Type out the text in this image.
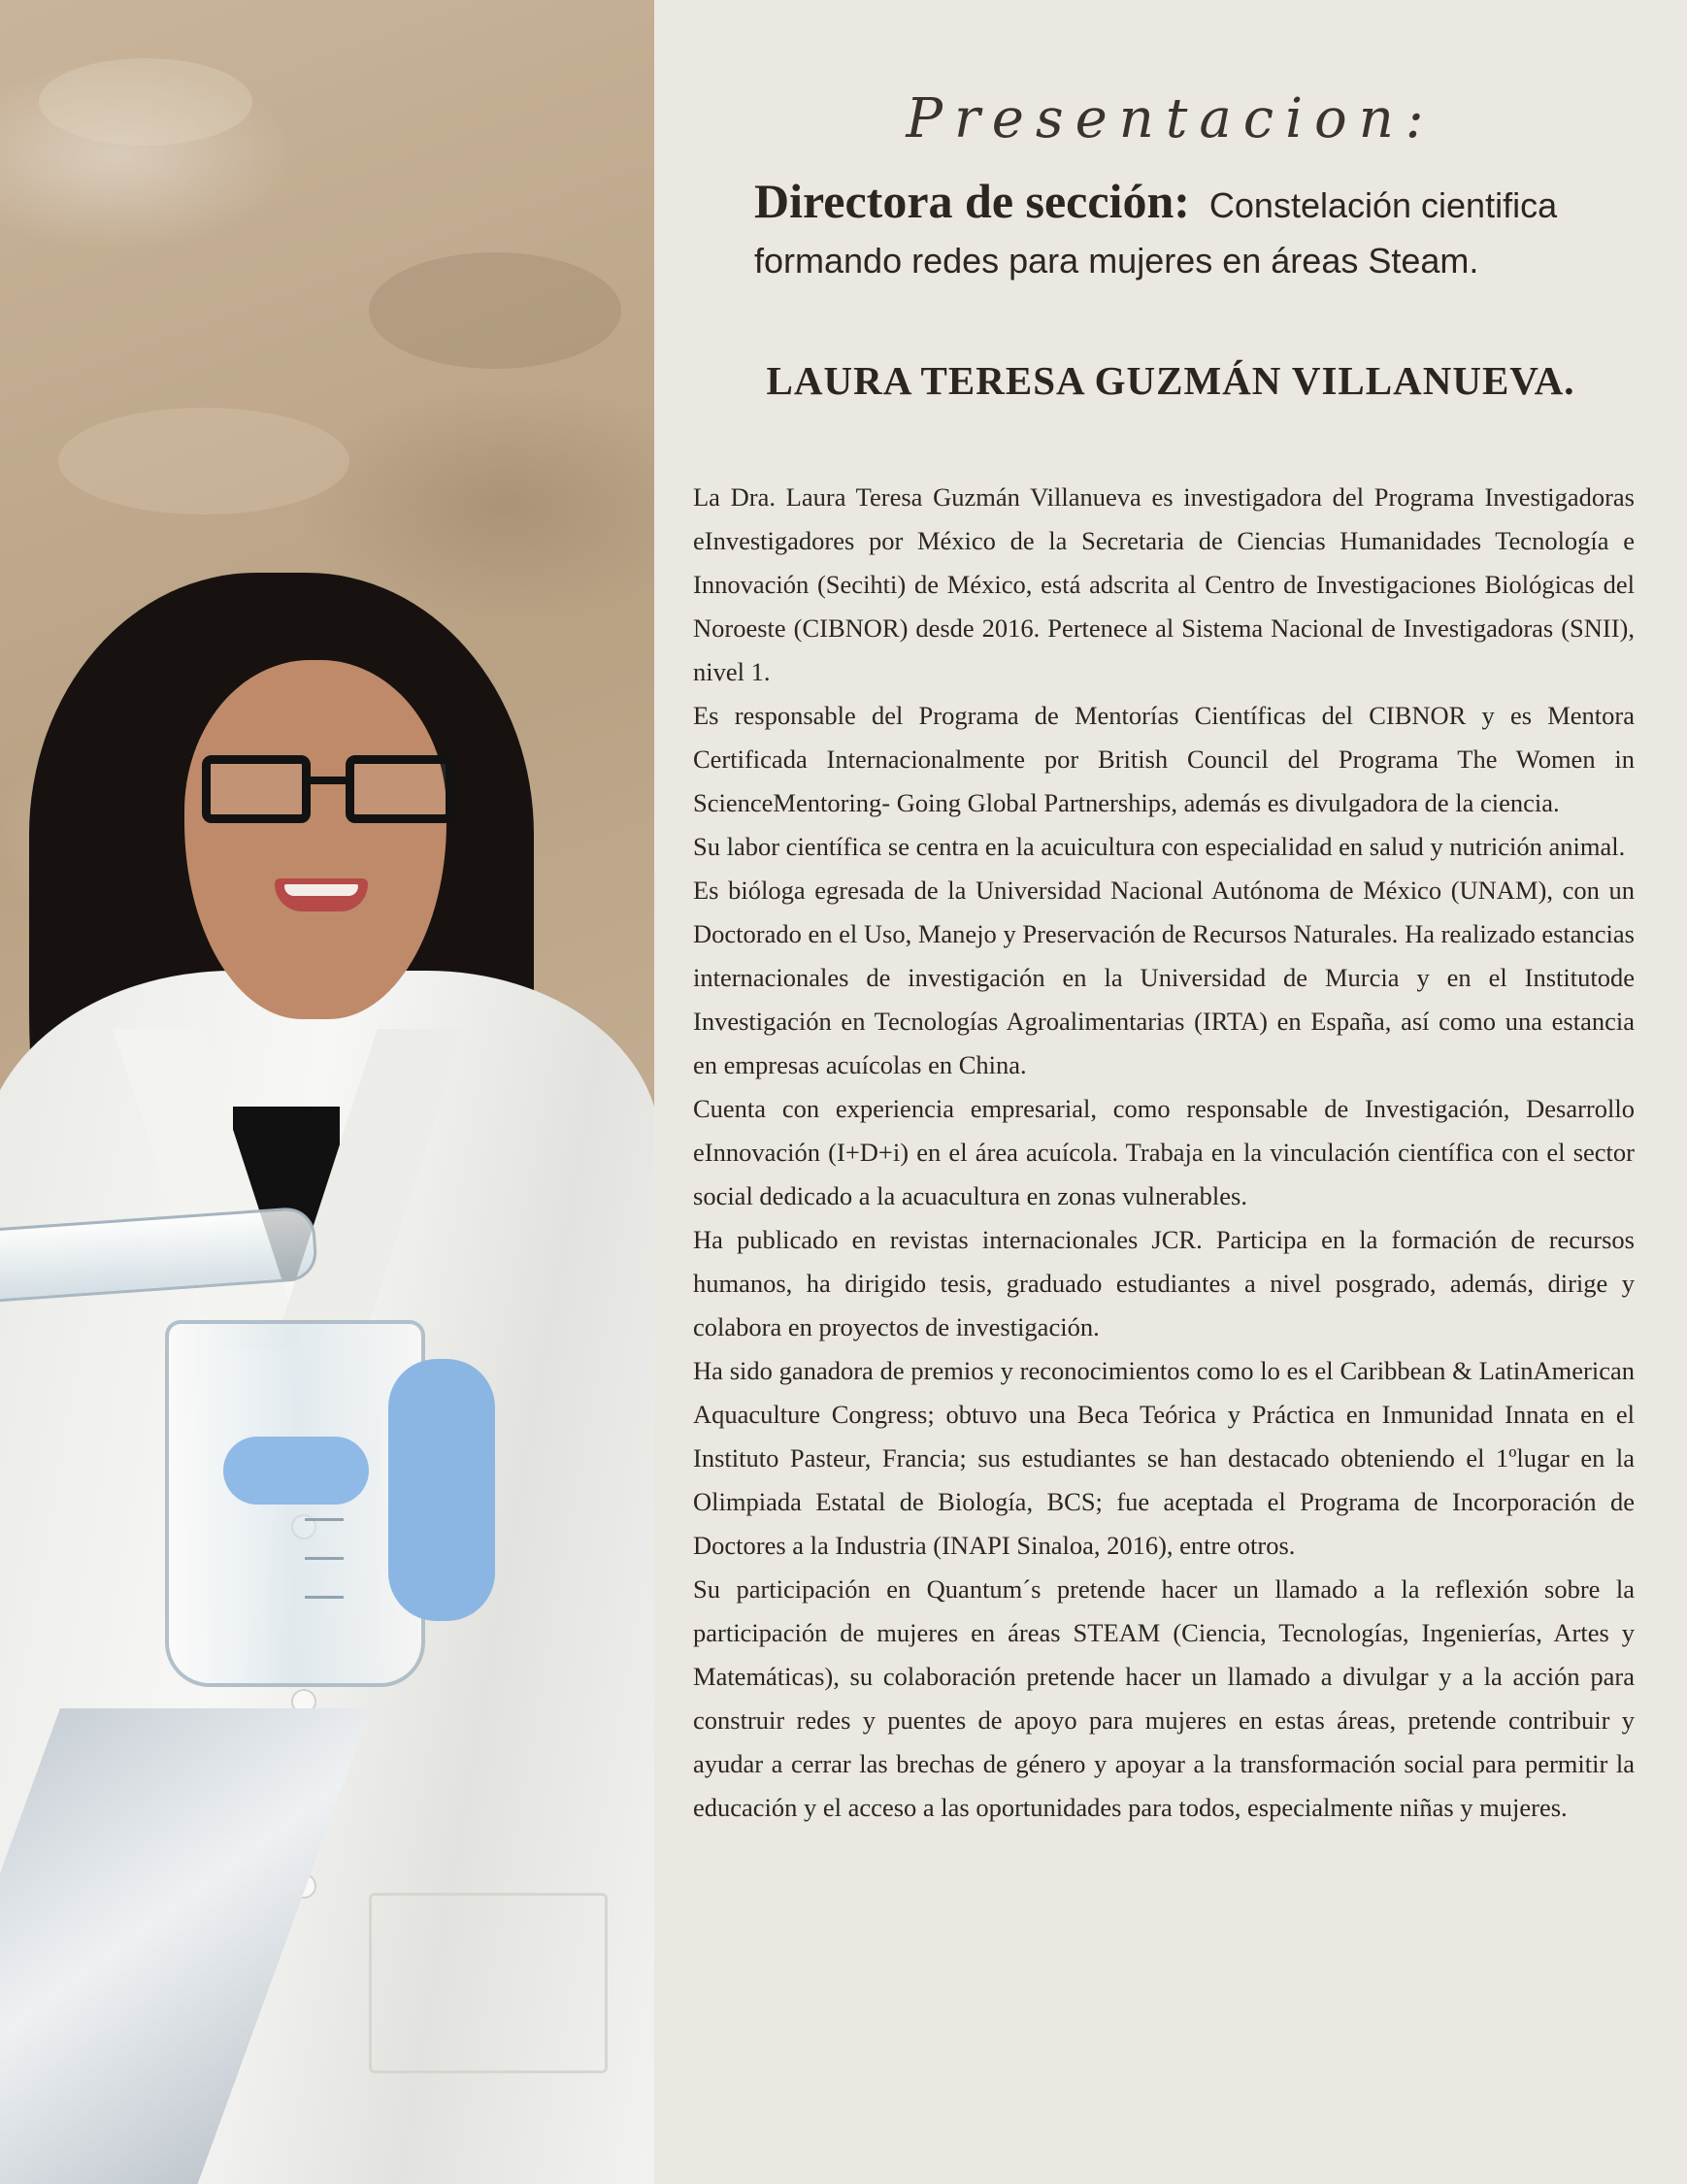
Presentacion:

Directora de sección: Constelación cientifica

formando redes para mujeres en áreas Steam.

LAURA TERESA GUZMÁN VILLANUEVA.

La Dra. Laura Teresa Guzmán Villanueva es investigadora del Programa Investigadoras eInvestigadores por México de la Secretaria de Ciencias Humanidades Tecnología e Innovación (Secihti) de México, está adscrita al Centro de Investigaciones Biológicas del Noroeste (CIBNOR) desde 2016. Pertenece al Sistema Nacional de Investigadoras (SNII), nivel 1.

Es responsable del Programa de Mentorías Científicas del CIBNOR y es Mentora Certificada Internacionalmente por British Council del Programa The Women in ScienceMentoring- Going Global Partnerships, además es divulgadora de la ciencia.

Su labor científica se centra en la acuicultura con especialidad en salud y nutrición animal.

Es bióloga egresada de la Universidad Nacional Autónoma de México (UNAM), con un Doctorado en el Uso, Manejo y Preservación de Recursos Naturales. Ha realizado estancias internacionales de investigación en la Universidad de Murcia y en el Institutode Investigación en Tecnologías Agroalimentarias (IRTA) en España, así como una estancia en empresas acuícolas en China.

Cuenta con experiencia empresarial, como responsable de Investigación, Desarrollo eInnovación (I+D+i) en el área acuícola. Trabaja en la vinculación científica con el sector social dedicado a la acuacultura en zonas vulnerables.

Ha publicado en revistas internacionales JCR. Participa en la formación de recursos humanos, ha dirigido tesis, graduado estudiantes a nivel posgrado, además, dirige y colabora en proyectos de investigación.

Ha sido ganadora de premios y reconocimientos como lo es el Caribbean & LatinAmerican Aquaculture Congress; obtuvo una Beca Teórica y Práctica en Inmunidad Innata en el Instituto Pasteur, Francia; sus estudiantes se han destacado obteniendo el 1ºlugar en la Olimpiada Estatal de Biología, BCS; fue aceptada el Programa de Incorporación de Doctores a la Industria (INAPI Sinaloa, 2016), entre otros.

Su participación en Quantum´s pretende hacer un llamado a la reflexión sobre la participación de mujeres en áreas STEAM (Ciencia, Tecnologías, Ingenierías, Artes y Matemáticas), su colaboración pretende hacer un llamado a divulgar y a la acción para construir redes y puentes de apoyo para mujeres en estas áreas, pretende contribuir y ayudar a cerrar las brechas de género y apoyar a la transformación social para permitir la educación y el acceso a las oportunidades para todos, especialmente niñas y mujeres.
